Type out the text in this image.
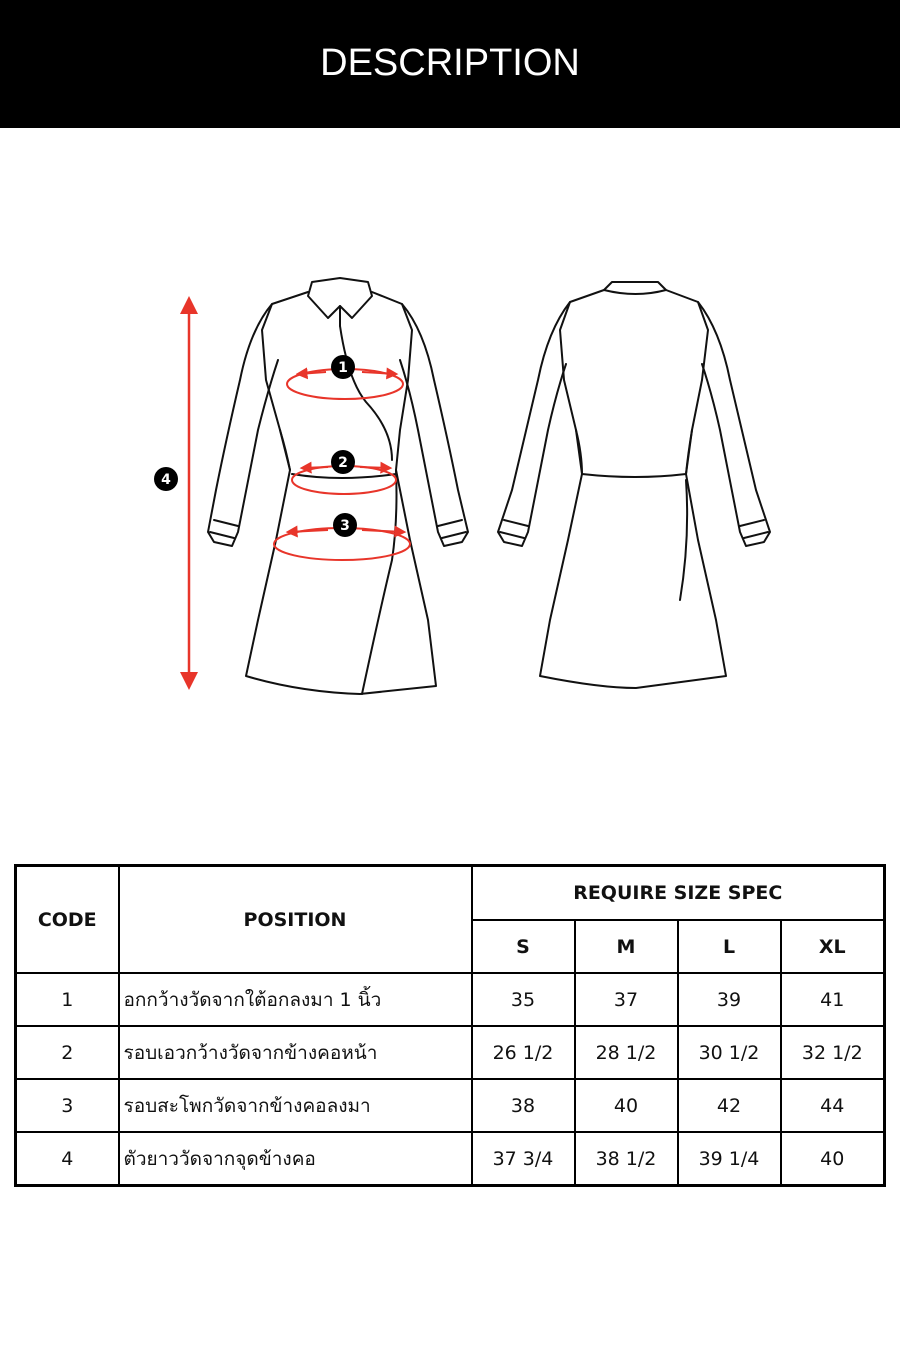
DESCRIPTION
1
2
3
4
CODE	POSITION	REQUIRE SIZE SPEC			
		S	M	L	XL
1	อกกว้างวัดจากใต้อกลงมา 1 นิ้ว	35	37	39	41
2	รอบเอวกว้างวัดจากข้างคอหน้า	26 1/2	28 1/2	30 1/2	32 1/2
3	รอบสะโพกวัดจากข้างคอลงมา	38	40	42	44
4	ตัวยาววัดจากจุดข้างคอ	37 3/4	38 1/2	39 1/4	40
